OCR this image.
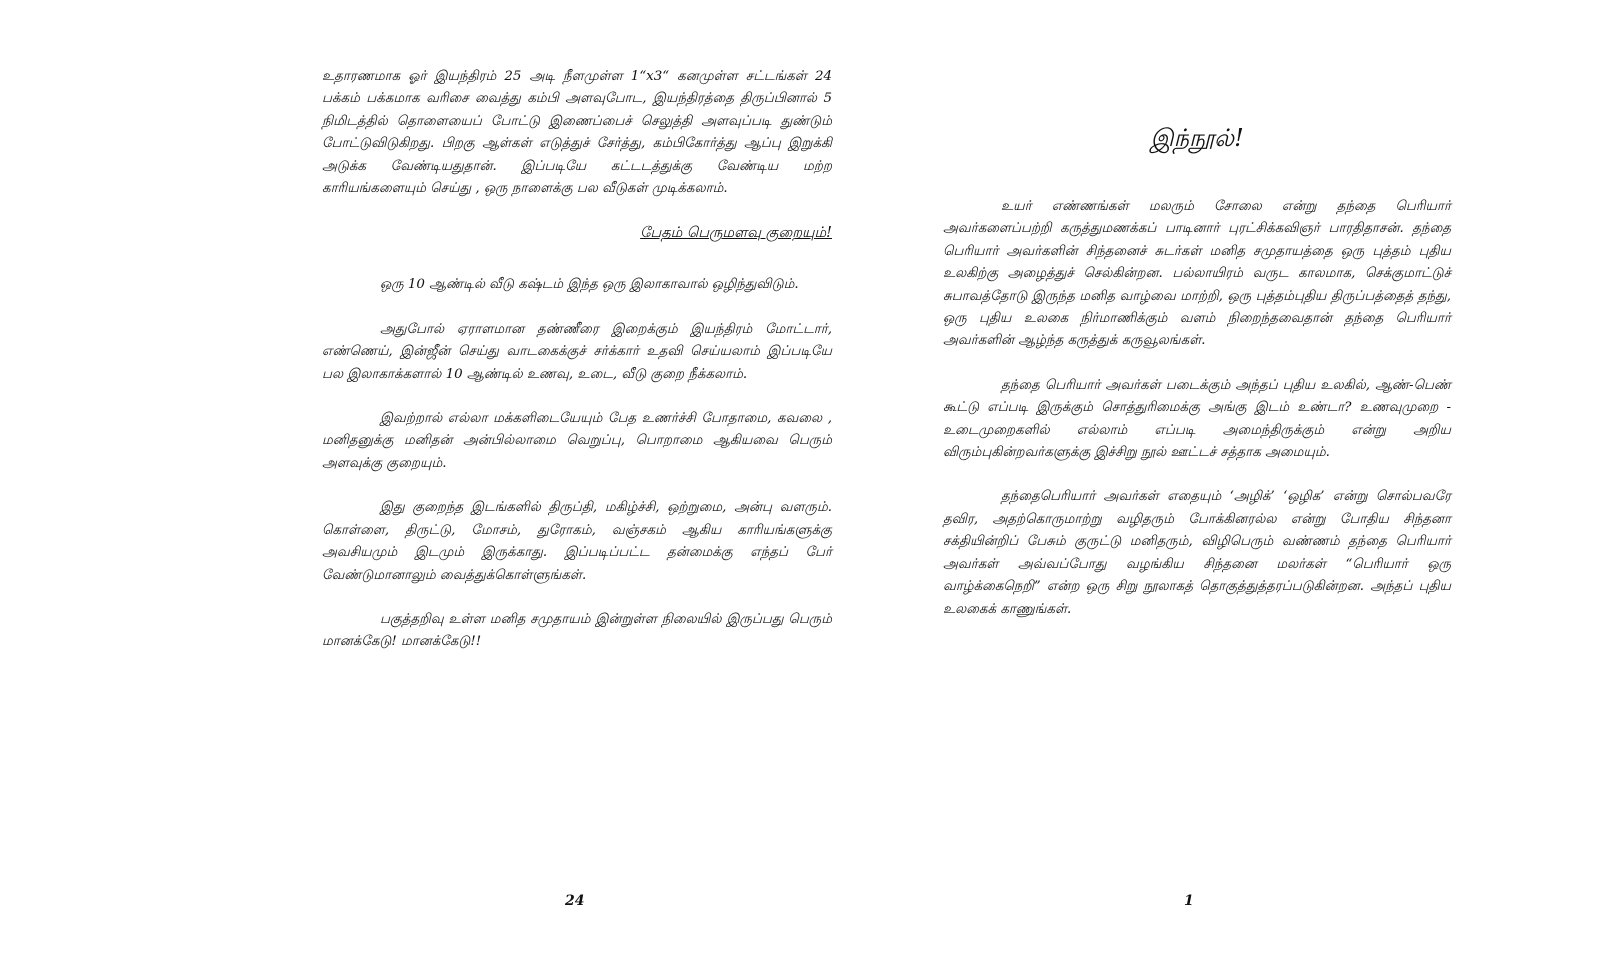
உதாரணமாக ஓர் இயந்திரம் 25 அடி நீளமுள்ள 1“x3“ கனமுள்ள சட்டங்கள் 24 பக்கம் பக்கமாக வரிசை வைத்து கம்பி அளவுபோட, இயந்திரத்தை திருப்பினால் 5 நிமிடத்தில் தொளையைப் போட்டு இணைப்பைச் செலுத்தி அளவுப்படி துண்டும் போட்டுவிடுகிறது. பிறகு ஆள்கள் எடுத்துச் சேர்த்து, கம்பிகோர்த்து ஆப்பு இறுக்கி அடுக்க வேண்டியதுதான். இப்படியே கட்டடத்துக்கு வேண்டிய மற்ற காரியங்களையும் செய்து , ஒரு நாளைக்கு பல வீடுகள் முடிக்கலாம்.

பேதம் பெருமளவு குறையும்!

ஒரு 10 ஆண்டில் வீடு கஷ்டம் இந்த ஒரு இலாகாவால் ஒழிந்துவிடும்.

அதுபோல் ஏராளமான தண்ணீரை இறைக்கும் இயந்திரம் மோட்டார், எண்ணெய், இன்ஜீன் செய்து வாடகைக்குச் சர்க்கார் உதவி செய்யலாம் இப்படியே பல இலாகாக்களால் 10 ஆண்டில் உணவு, உடை, வீடு குறை நீக்கலாம்.

இவற்றால் எல்லா மக்களிடையேயும் பேத உணர்ச்சி போதாமை, கவலை , மனிதனுக்கு மனிதன் அன்பில்லாமை வெறுப்பு, பொறாமை ஆகியவை பெரும் அளவுக்கு குறையும்.

இது குறைந்த இடங்களில் திருப்தி, மகிழ்ச்சி, ஒற்றுமை, அன்பு வளரும். கொள்ளை, திருட்டு, மோசம், துரோகம், வஞ்சகம் ஆகிய காரியங்களுக்கு அவசியமும் இடமும் இருக்காது. இப்படிப்பட்ட தன்மைக்கு எந்தப் பேர் வேண்டுமானாலும் வைத்துக்கொள்ளுங்கள்.

பகுத்தறிவு உள்ள மனித சமுதாயம் இன்றுள்ள நிலையில் இருப்பது பெரும் மானக்கேடு! மானக்கேடு!!

24
இந்நூல்!

உயர் எண்ணங்கள் மலரும் சோலை என்று தந்தை பெரியார் அவர்களைப்பற்றி கருத்துமணக்கப் பாடினார் புரட்சிக்கவிஞர் பாரதிதாசன். தந்தை பெரியார் அவர்களின் சிந்தனைச் சுடர்கள் மனித சமுதாயத்தை ஒரு புத்தம் புதிய உலகிற்கு அழைத்துச் செல்கின்றன. பல்லாயிரம் வருட காலமாக, செக்குமாட்டுச் சுபாவத்தோடு இருந்த மனித வாழ்வை மாற்றி, ஒரு புத்தம்புதிய திருப்பத்தைத் தந்து, ஒரு புதிய உலகை நிர்மாணிக்கும் வளம் நிறைந்தவைதான் தந்தை பெரியார் அவர்களின் ஆழ்ந்த கருத்துக் கருவூலங்கள்.

தந்தை பெரியார் அவர்கள் படைக்கும் அந்தப் புதிய உலகில், ஆண்-பெண் கூட்டு எப்படி இருக்கும் சொத்துரிமைக்கு அங்கு இடம் உண்டா? உணவுமுறை - உடைமுறைகளில் எல்லாம் எப்படி அமைந்திருக்கும் என்று அறிய விரும்புகின்றவர்களுக்கு இச்சிறு நூல் ஊட்டச் சத்தாக அமையும்.

தந்தைபெரியார் அவர்கள் எதையும் ‘அழிக்’ ‘ஒழிக’ என்று சொல்பவரே தவிர, அதற்கொருமாற்று வழிதரும் போக்கினரல்ல என்று போதிய சிந்தனா சக்தியின்றிப் பேசும் குருட்டு மனிதரும், விழிபெரும் வண்ணம் தந்தை பெரியார் அவர்கள் அவ்வப்போது வழங்கிய சிந்தனை மலர்கள் “பெரியார் ஒரு வாழ்க்கைநெறி” என்ற ஒரு சிறு நூலாகத் தொகுத்துத்தரப்படுகின்றன. அந்தப் புதிய உலகைக் காணுங்கள்.

1
